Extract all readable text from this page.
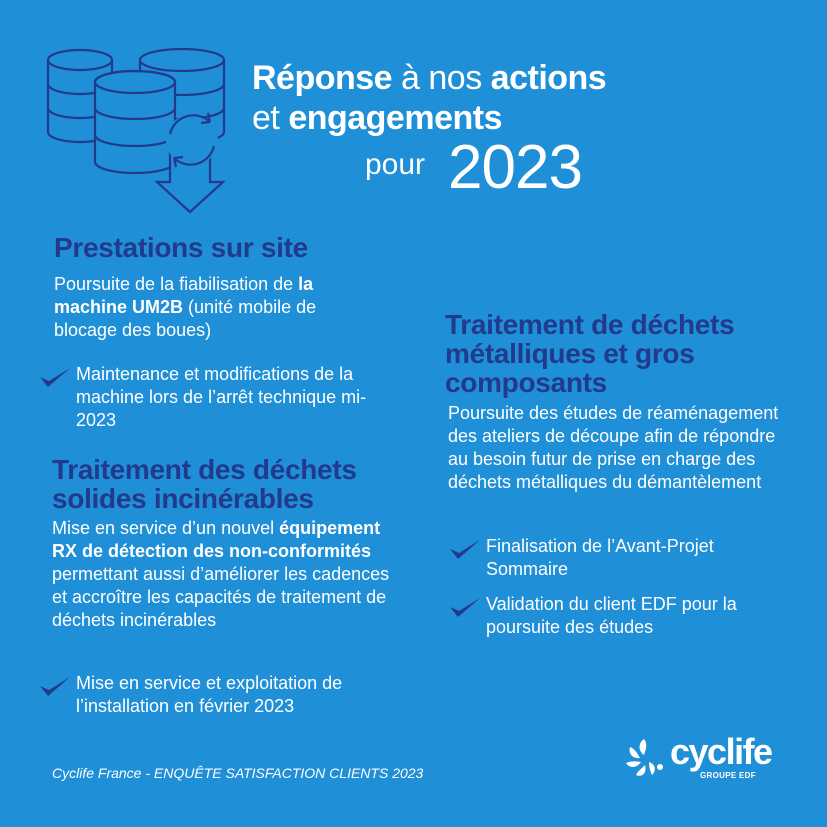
Réponse à nos actions
et engagements
pour 2023
Prestations sur site

Poursuite de la fiabilisation de la machine UM2B (unité mobile de blocage des boues)

Maintenance et modifications de la machine lors de l’arrêt technique mi-2023
Traitement des déchets solides incinérables

Mise en service d’un nouvel équipement RX de détection des non-conformités permettant aussi d’améliorer les cadences et accroître les capacités de traitement de déchets incinérables

Mise en service et exploitation de l’installation en février 2023
Traitement de déchets métalliques et gros composants

Poursuite des études de réaménagement des ateliers de découpe afin de répondre au besoin futur de prise en charge des déchets métalliques du démantèlement

Finalisation de l’Avant-Projet Sommaire
Validation du client EDF pour la poursuite des études
Cyclife France - ENQUÊTE SATISFACTION CLIENTS 2023
cyclife
GROUPE EDF
